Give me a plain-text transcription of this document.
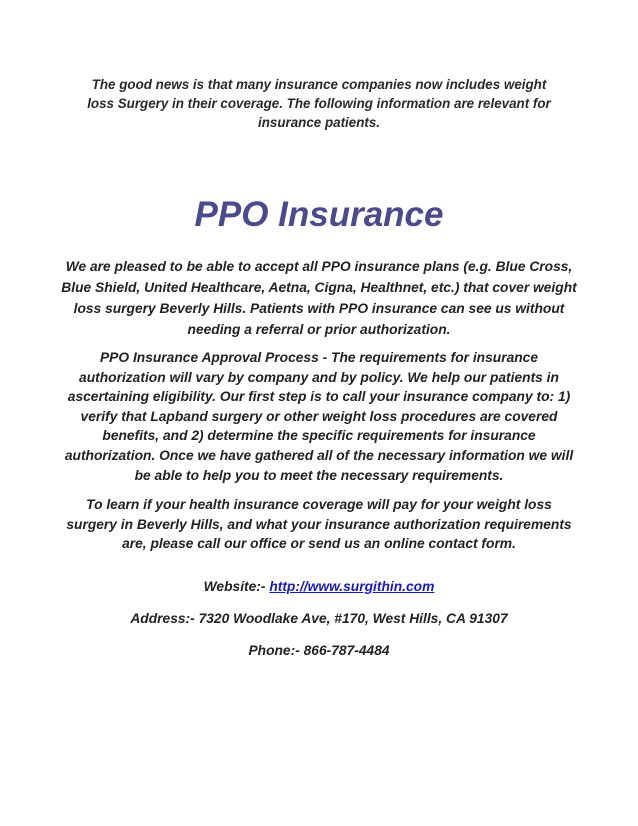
The good news is that many insurance companies now includes weight loss Surgery in their coverage. The following information are relevant for insurance patients.

PPO Insurance

We are pleased to be able to accept all PPO insurance plans (e.g. Blue Cross, Blue Shield, United Healthcare, Aetna, Cigna, Healthnet, etc.) that cover weight loss surgery Beverly Hills. Patients with PPO insurance can see us without needing a referral or prior authorization.

PPO Insurance Approval Process - The requirements for insurance authorization will vary by company and by policy. We help our patients in ascertaining eligibility. Our first step is to call your insurance company to: 1) verify that Lapband surgery or other weight loss procedures are covered benefits, and 2) determine the specific requirements for insurance authorization. Once we have gathered all of the necessary information we will be able to help you to meet the necessary requirements.

To learn if your health insurance coverage will pay for your weight loss surgery in Beverly Hills, and what your insurance authorization requirements are, please call our office or send us an online contact form.

Website:- http://www.surgithin.com

Address:- 7320 Woodlake Ave, #170, West Hills, CA 91307

Phone:- 866-787-4484
